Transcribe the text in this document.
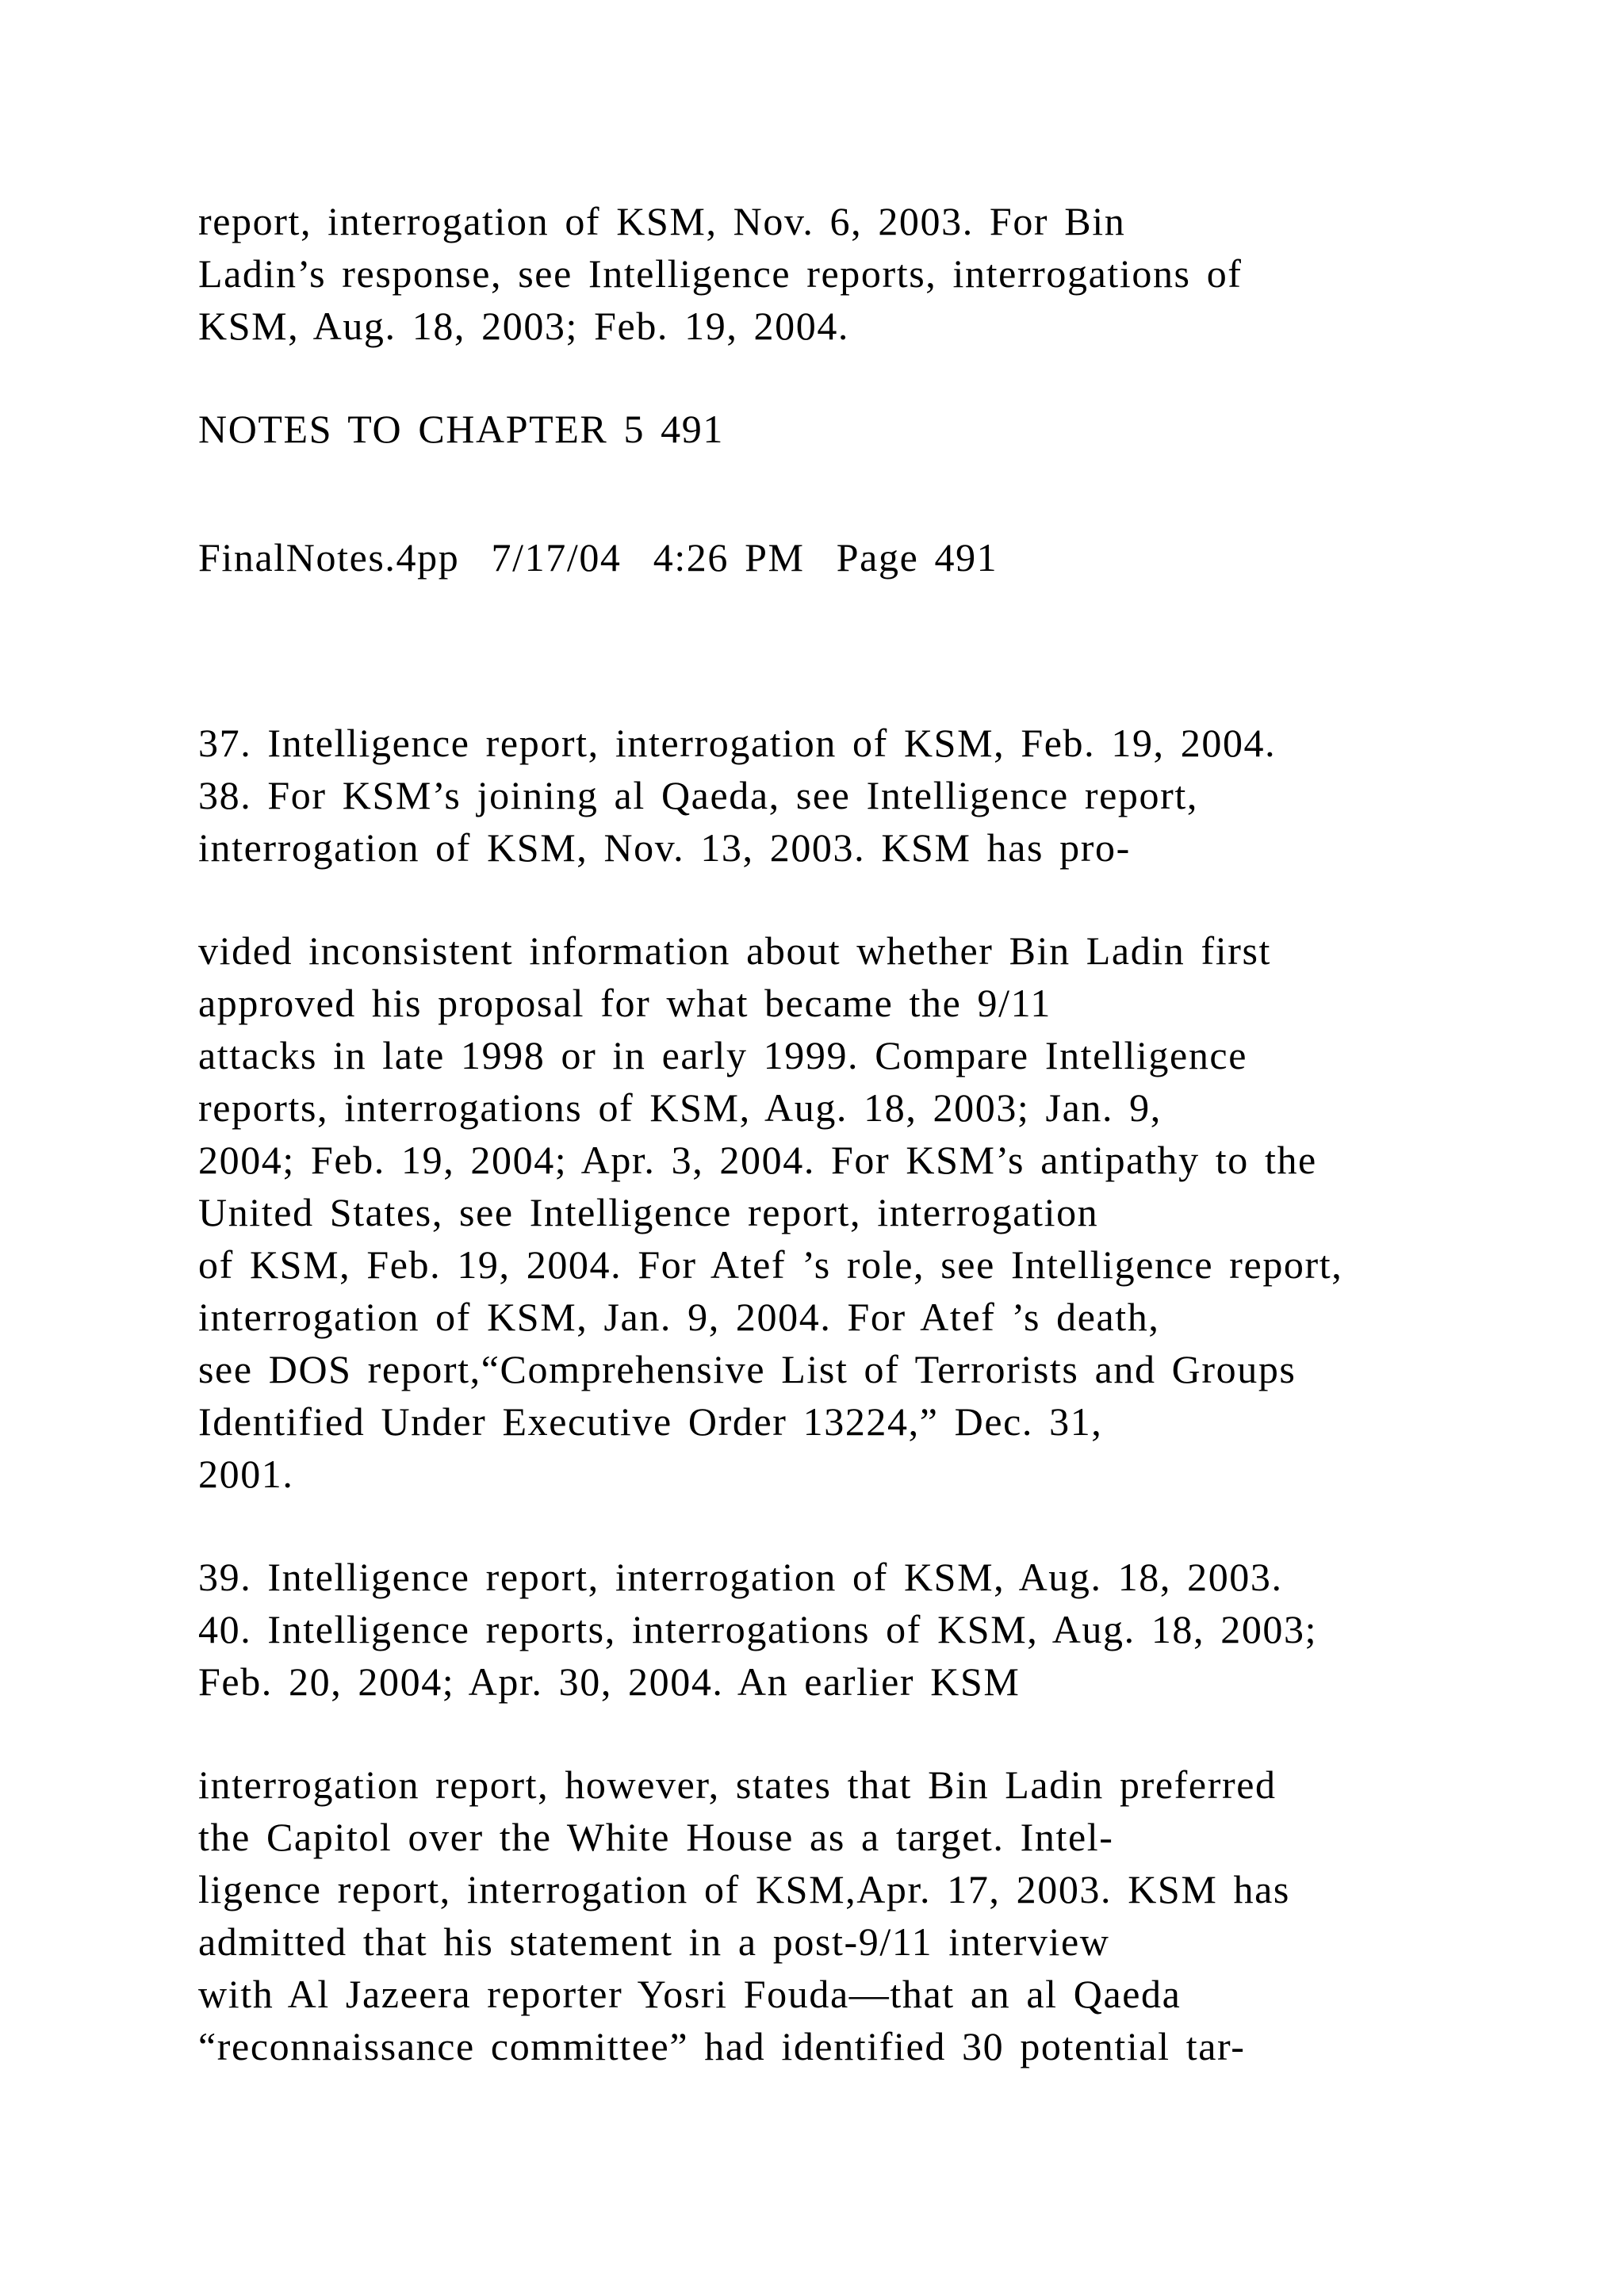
report, interrogation of KSM, Nov. 6, 2003. For Bin
Ladin’s response, see Intelligence reports, interrogations of
KSM, Aug. 18, 2003; Feb. 19, 2004.
NOTES TO CHAPTER 5 491
FinalNotes.4pp  7/17/04  4:26 PM  Page 491
37. Intelligence report, interrogation of KSM, Feb. 19, 2004.
38. For KSM’s joining al Qaeda, see Intelligence report,
interrogation of KSM, Nov. 13, 2003. KSM has pro-
vided inconsistent information about whether Bin Ladin first
approved his proposal for what became the 9/11
attacks in late 1998 or in early 1999. Compare Intelligence
reports, interrogations of KSM, Aug. 18, 2003; Jan. 9,
2004; Feb. 19, 2004; Apr. 3, 2004. For KSM’s antipathy to the
United States, see Intelligence report, interrogation
of KSM, Feb. 19, 2004. For Atef ’s role, see Intelligence report,
interrogation of KSM, Jan. 9, 2004. For Atef ’s death,
see DOS report,“Comprehensive List of Terrorists and Groups
Identified Under Executive Order 13224,” Dec. 31,
2001.
39. Intelligence report, interrogation of KSM, Aug. 18, 2003.
40. Intelligence reports, interrogations of KSM, Aug. 18, 2003;
Feb. 20, 2004; Apr. 30, 2004. An earlier KSM
interrogation report, however, states that Bin Ladin preferred
the Capitol over the White House as a target. Intel-
ligence report, interrogation of KSM,Apr. 17, 2003. KSM has
admitted that his statement in a post-9/11 interview
with Al Jazeera reporter Yosri Fouda—that an al Qaeda
“reconnaissance committee” had identified 30 potential tar-
